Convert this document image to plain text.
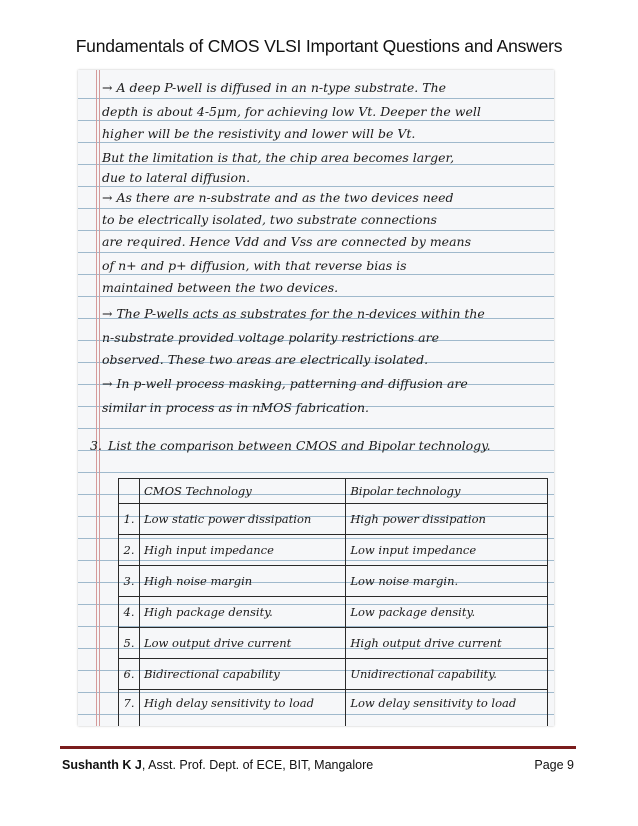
Fundamentals of CMOS VLSI Important Questions and Answers
→ A deep P-well is diffused in an n-type substrate. The
depth is about 4-5μm, for achieving low Vt. Deeper the well
higher will be the resistivity and lower will be Vt.
But the limitation is that, the chip area becomes larger,
due to lateral diffusion.
→ As there are n-substrate and as the two devices need
to be electrically isolated, two substrate connections
are required. Hence Vdd and Vss are connected by means
of n+ and p+ diffusion, with that reverse bias is
maintained between the two devices.
→ The P-wells acts as substrates for the n-devices within the
n-substrate provided voltage polarity restrictions are
observed. These two areas are electrically isolated.
→ In p-well process masking, patterning and diffusion are
similar in process as in nMOS fabrication.
3. List the comparison between CMOS and Bipolar technology.
	CMOS Technology	Bipolar technology
1.	Low static power dissipation	High power dissipation
2.	High input impedance	Low input impedance
3.	High noise margin	Low noise margin.
4.	High package density.	Low package density.
5.	Low output drive current	High output drive current
6.	Bidirectional capability	Unidirectional capability.
7.	High delay sensitivity to load	Low delay sensitivity to load
Sushanth K J, Asst. Prof. Dept. of ECE, BIT, Mangalore	Page 9
